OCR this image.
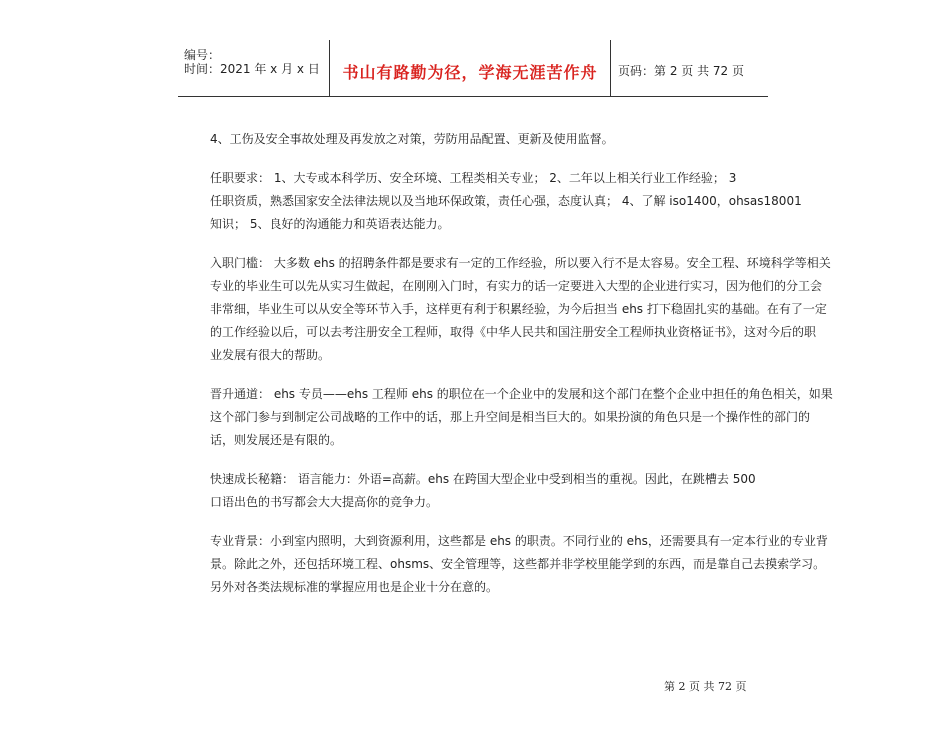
编号：
时间：2021 年 x 月 x 日	书山有路勤为径，学海无涯苦作舟	页码：第 2 页 共 72 页

4、工伤及安全事故处理及再发放之对策，劳防用品配置、更新及使用监督。

任职要求： 1、大专或本科学历、安全环境、工程类相关专业； 2、二年以上相关行业工作经验； 3
任职资质，熟悉国家安全法律法规以及当地环保政策，责任心强，态度认真； 4、了解 iso1400，ohsas18001
知识； 5、良好的沟通能力和英语表达能力。

入职门槛： 大多数 ehs 的招聘条件都是要求有一定的工作经验，所以要入行不是太容易。安全工程、环境科学等相关
专业的毕业生可以先从实习生做起，在刚刚入门时，有实力的话一定要进入大型的企业进行实习，因为他们的分工会
非常细，毕业生可以从安全等环节入手，这样更有利于积累经验，为今后担当 ehs 打下稳固扎实的基础。在有了一定
的工作经验以后，可以去考注册安全工程师，取得《中华人民共和国注册安全工程师执业资格证书》，这对今后的职
业发展有很大的帮助。

晋升通道： ehs 专员——ehs 工程师 ehs 的职位在一个企业中的发展和这个部门在整个企业中担任的角色相关，如果
这个部门参与到制定公司战略的工作中的话，那上升空间是相当巨大的。如果扮演的角色只是一个操作性的部门的
话，则发展还是有限的。

快速成长秘籍： 语言能力：外语=高薪。ehs 在跨国大型企业中受到相当的重视。因此，在跳槽去 500
口语出色的书写都会大大提高你的竞争力。

专业背景：小到室内照明，大到资源利用，这些都是 ehs 的职责。不同行业的 ehs，还需要具有一定本行业的专业背
景。除此之外，还包括环境工程、ohsms、安全管理等，这些都并非学校里能学到的东西，而是靠自己去摸索学习。
另外对各类法规标准的掌握应用也是企业十分在意的。

第 2 页 共 72 页
